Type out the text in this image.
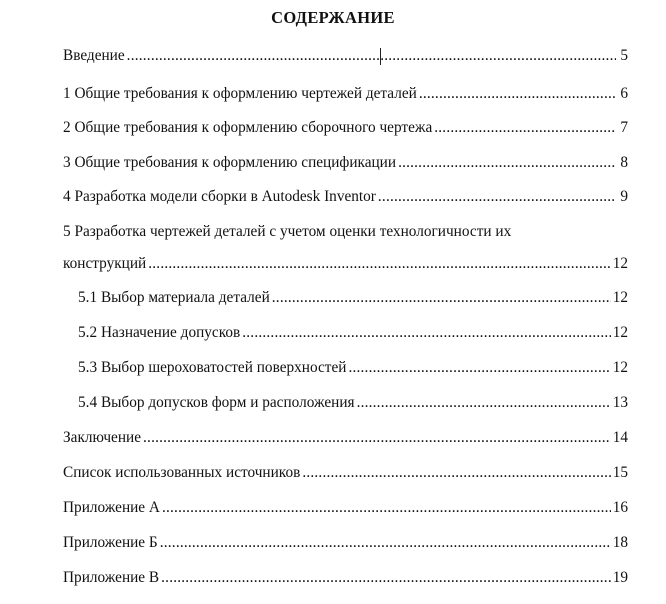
СОДЕРЖАНИЕ
Введение .....	5
1 Общие требования к оформлению чертежей деталей .....	6
2 Общие требования к оформлению сборочного чертежа .....	7
3 Общие требования к оформлению спецификации .....	8
4 Разработка модели сборки в Autodesk Inventor .....	9
5 Разработка чертежей деталей с учетом оценки технологичности их
конструкций .....	12
5.1 Выбор материала деталей .....	12
5.2 Назначение допусков .....	12
5.3 Выбор шероховатостей поверхностей .....	12
5.4 Выбор допусков форм и расположения .....	13
Заключение .....	14
Список использованных источников .....	15
Приложение А .....	16
Приложение Б .....	18
Приложение В .....	19
